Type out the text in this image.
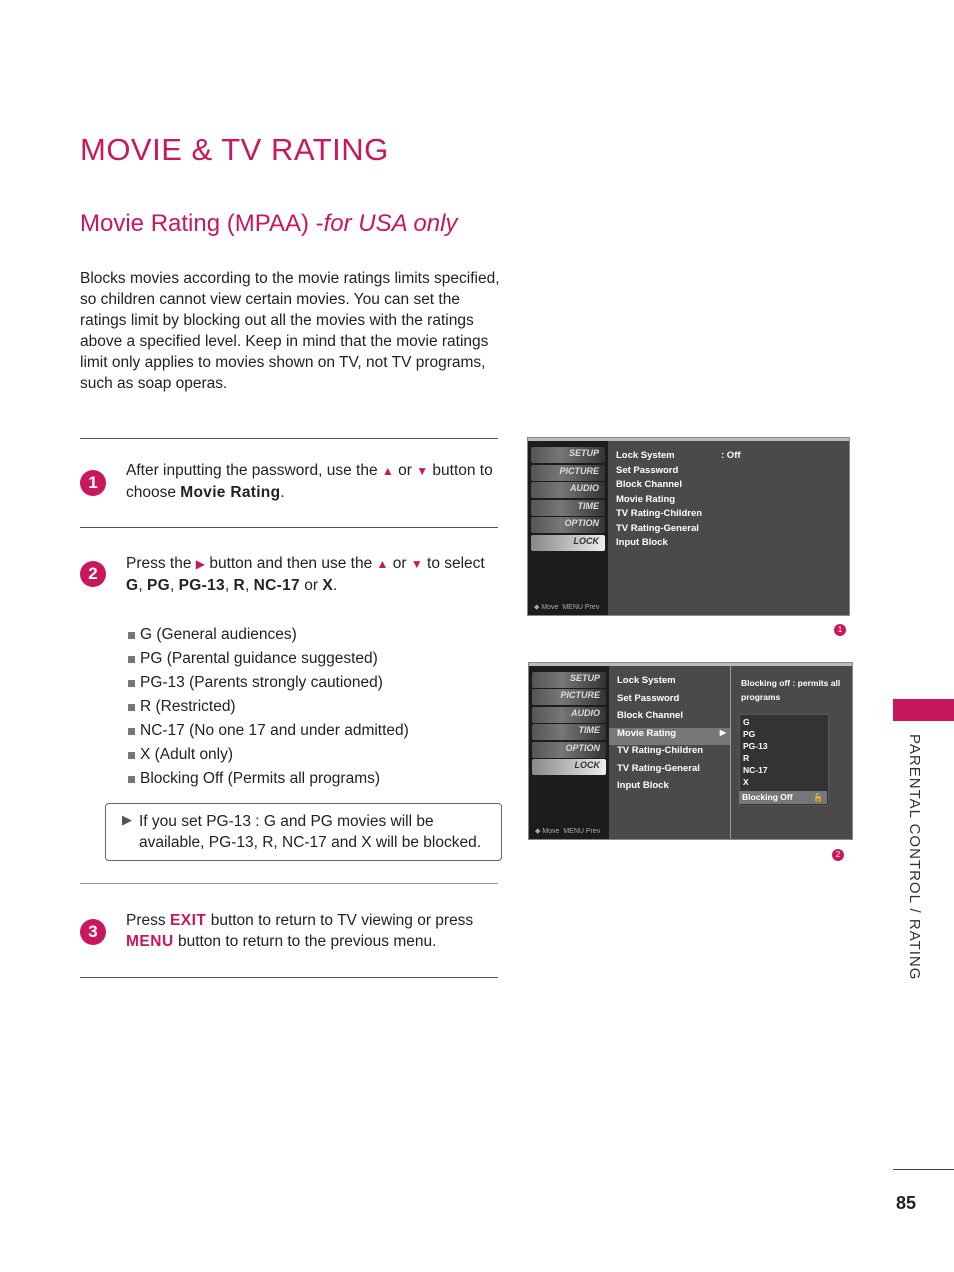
MOVIE & TV RATING
Movie Rating (MPAA) -for USA only
Blocks movies according to the movie ratings limits specified, so children cannot view certain movies. You can set the ratings limit by blocking out all the movies with the ratings above a specified level. Keep in mind that the movie ratings limit only applies to movies shown on TV, not TV programs, such as soap operas.
1
After inputting the password, use the ▲ or ▼ button to choose Movie Rating.
2
Press the ▶ button and then use the ▲ or ▼ to select G, PG, PG-13, R, NC-17 or X.
G (General audiences)
PG (Parental guidance suggested)
PG-13 (Parents strongly cautioned)
R (Restricted)
NC-17 (No one 17 and under admitted)
X (Adult only)
Blocking Off (Permits all programs)
▶ If you set PG-13 : G and PG movies will be available, PG-13, R, NC-17 and X will be blocked.
3
Press EXIT button to return to TV viewing or press MENU button to return to the previous menu.
SETUP
PICTURE
AUDIO
TIME
OPTION
LOCK
◆ Move MENU Prev
Lock System
Set Password
Block Channel
Movie Rating
TV Rating-Children
TV Rating-General
Input Block
: Off
1
SETUP
PICTURE
AUDIO
TIME
OPTION
LOCK
◆ Move MENU Prev
Lock System
Set Password
Block Channel
Movie Rating	▶
TV Rating-Children
TV Rating-General
Input Block
Blocking off : permits all programs
G
PG
PG-13
R
NC-17
X
Blocking Off	🔓
2	PARENTAL CONTROL / RATING
85
